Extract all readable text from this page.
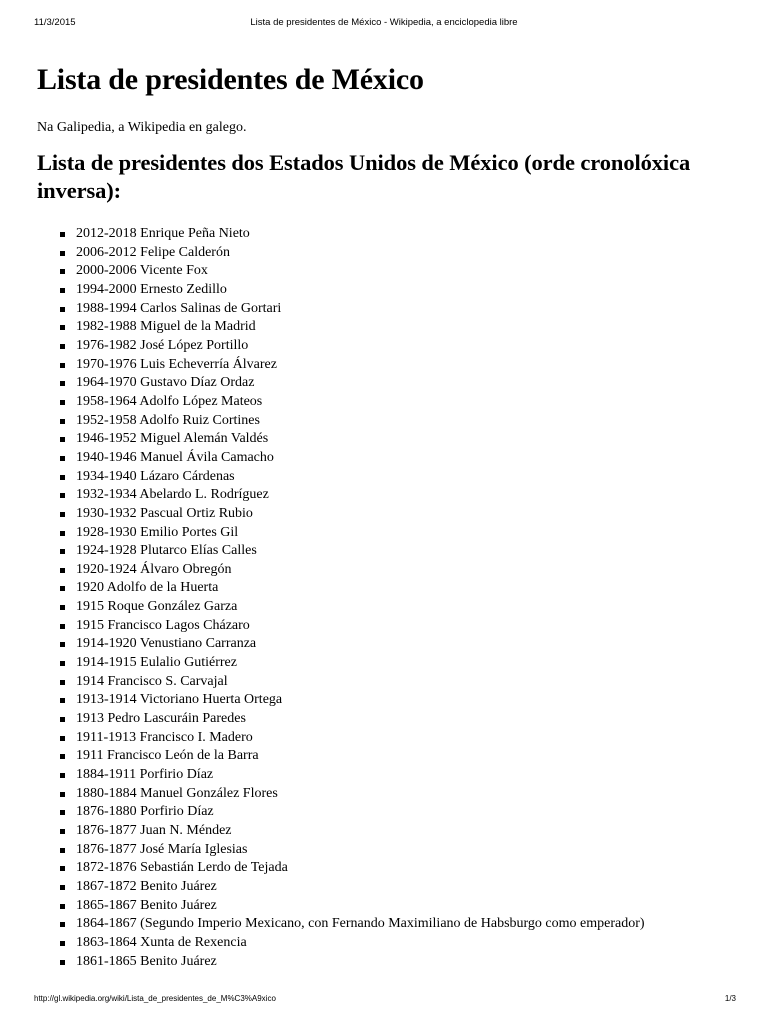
11/3/2015	Lista de presidentes de México - Wikipedia, a enciclopedia libre
Lista de presidentes de México

Na Galipedia, a Wikipedia en galego.

Lista de presidentes dos Estados Unidos de México (orde cronolóxica inversa):
2012-2018 Enrique Peña Nieto
2006-2012 Felipe Calderón
2000-2006 Vicente Fox
1994-2000 Ernesto Zedillo
1988-1994 Carlos Salinas de Gortari
1982-1988 Miguel de la Madrid
1976-1982 José López Portillo
1970-1976 Luis Echeverría Álvarez
1964-1970 Gustavo Díaz Ordaz
1958-1964 Adolfo López Mateos
1952-1958 Adolfo Ruiz Cortines
1946-1952 Miguel Alemán Valdés
1940-1946 Manuel Ávila Camacho
1934-1940 Lázaro Cárdenas
1932-1934 Abelardo L. Rodríguez
1930-1932 Pascual Ortiz Rubio
1928-1930 Emilio Portes Gil
1924-1928 Plutarco Elías Calles
1920-1924 Álvaro Obregón
1920 Adolfo de la Huerta
1915 Roque González Garza
1915 Francisco Lagos Cházaro
1914-1920 Venustiano Carranza
1914-1915 Eulalio Gutiérrez
1914 Francisco S. Carvajal
1913-1914 Victoriano Huerta Ortega
1913 Pedro Lascuráin Paredes
1911-1913 Francisco I. Madero
1911 Francisco León de la Barra
1884-1911 Porfirio Díaz
1880-1884 Manuel González Flores
1876-1880 Porfirio Díaz
1876-1877 Juan N. Méndez
1876-1877 José María Iglesias
1872-1876 Sebastián Lerdo de Tejada
1867-1872 Benito Juárez
1865-1867 Benito Juárez
1864-1867 (Segundo Imperio Mexicano, con Fernando Maximiliano de Habsburgo como emperador)
1863-1864 Xunta de Rexencia
1861-1865 Benito Juárez
http://gl.wikipedia.org/wiki/Lista_de_presidentes_de_M%C3%A9xico	1/3
